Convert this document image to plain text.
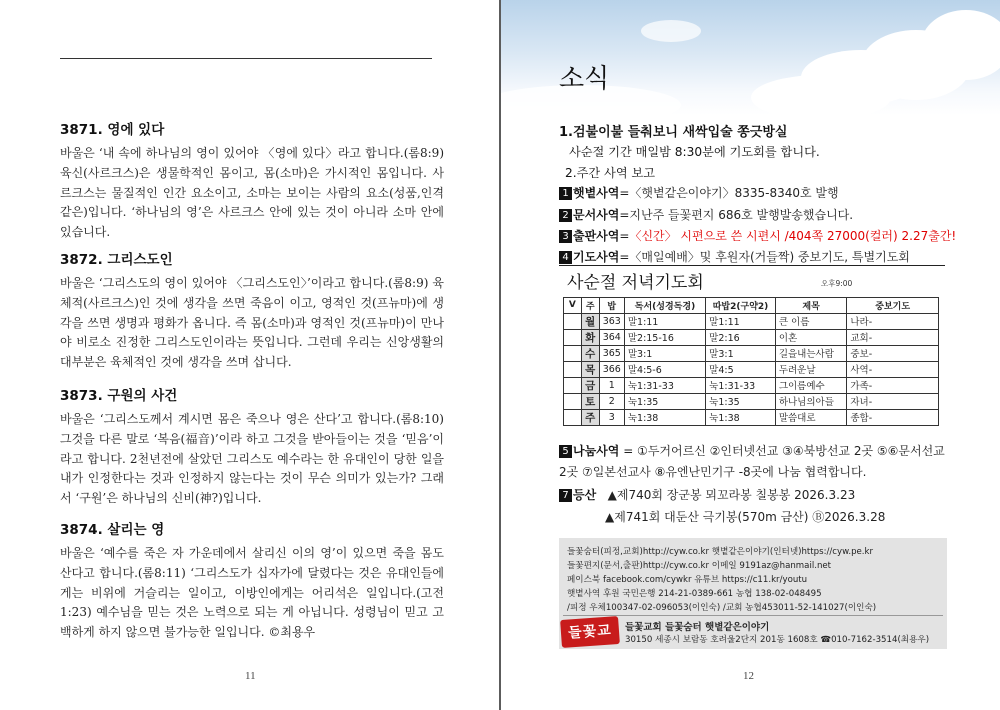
3871. 영에 있다

바울은 ‘내 속에 하나님의 영이 있어야 〈영에 있다〉라고 합니다.(롬8:9) 육신(사르크스)은 생물학적인 몸이고, 몸(소마)은 가시적인 몸입니다. 사르크스는 물질적인 인간 요소이고, 소마는 보이는 사람의 요소(성품,인격같은)입니다. ‘하나님의 영’은 사르크스 안에 있는 것이 아니라 소마 안에 있습니다.

3872. 그리스도인

바울은 ‘그리스도의 영이 있어야 〈그리스도인〉’이라고 합니다.(롬8:9) 육체적(사르크스)인 것에 생각을 쓰면 죽음이 이고, 영적인 것(프뉴마)에 생각을 쓰면 생명과 평화가 옵니다. 즉 몸(소마)과 영적인 것(프뉴마)이 만나야 비로소 진정한 그리스도인이라는 뜻입니다. 그런데 우리는 신앙생활의 대부분은 육체적인 것에 생각을 쓰며 삽니다.

3873. 구원의 사건

바울은 ‘그리스도께서 계시면 몸은 죽으나 영은 산다’고 합니다.(롬8:10) 그것을 다른 말로 ‘복음(福音)’이라 하고 그것을 받아들이는 것을 ‘믿음’이라고 합니다. 2천년전에 살았던 그리스도 예수라는 한 유대인이 당한 일을 내가 인정한다는 것과 인정하지 않는다는 것이 무슨 의미가 있는가? 그래서 ‘구원’은 하나님의 신비(神?)입니다.

3874. 살리는 영

바울은 ‘예수를 죽은 자 가운데에서 살리신 이의 영’이 있으면 죽을 몸도 산다고 합니다.(롬8:11) ‘그리스도가 십자가에 달렸다는 것은 유대인들에게는 비위에 거슬리는 일이고, 이방인에게는 어리석은 일입니다.(고전1:23) 예수님을 믿는 것은 노력으로 되는 게 아닙니다. 성령님이 믿고 고백하게 하지 않으면 불가능한 일입니다. ©최용우

11
소식
1.검불이불 들춰보니 새싹입술 쫑긋방실
사순절 기간 매일밤 8:30분에 기도회를 합니다.
2.주간 사역 보고
1 햇볕사역=〈햇볕같은이야기〉8335-8340호 발행
2 문서사역=지난주 들꽃편지 686호 발행발송했습니다.
3 출판사역=〈신간〉 시편으로 쓴 시편시 /404쪽 27000(컬러) 2.27출간!
4 기도사역=〈매일예배〉및 후원자(거들짝) 중보기도, 특별기도회
사순절 저녁기도회	오후9:00
V	주	밥	독서(성경독경)	따밥2(구약2)	제목	중보기도
	월	363	말1:11	말1:11	큰 이름	나라-
	화	364	말2:15-16	말2:16	이혼	교회-
	수	365	말3:1	말3:1	길을내는사람	중보-
	목	366	말4:5-6	말4:5	두려운날	사역-
	금	1	눅1:31-33	눅1:31-33	그이름예수	가족-
	토	2	눅1:35	눅1:35	하나님의아들	자녀-
	주	3	눅1:38	눅1:38	말씀대로	종합-
5 나눔사역 = ①두거어르신 ②인터넷선교 ③④북방선교 2곳 ⑤⑥문서선교 2곳 ⑦일본선교사 ⑧유엔난민기구 -8곳에 나눔 협력합니다.
7 등산 ▲제740회 장군봉 뫼꼬라봉 칠봉봉 2026.3.23
▲제741회 대둔산 극기봉(570m 금산) Ⓑ2026.3.28
들꽃숨터(피정,교회)http://cyw.co.kr 햇볕같은이야기(인터넷)https://cyw.pe.kr
들꽃편지(문서,출판)http://cyw.co.kr 이메일 9191az@hanmail.net
페이스북 facebook.com/cywkr 유튜브 https://c11.kr/youtu
햇볕사역 후원 국민은행 214-21-0389-661 농협 138-02-048495
/피정 우체100347-02-096053(이인숙) /교회 농협453011-52-141027(이인숙)
들꽃교회
들꽃교회 들꽃숨터 햇볕같은이야기
30150 세종시 보람동 호려울2단지 201동 1608호 ☎010-7162-3514(최용우)
12
